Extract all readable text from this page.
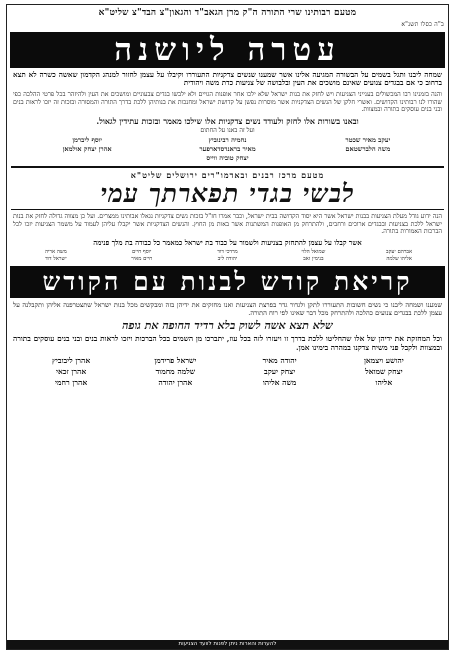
מטעם רבותינו שרי התורה ה"ק מרן הגאב"ד והגאון"צ הבד"צ שליט"א
ב"ה כסלו תשנ"א
עטרה ליושנה
שמחה ליבנו ותגל בשמים על הבשורה המגיעה אלינו אשר שמענו שנשים צדקניות התעוררו וקיבלו על עצמן לחזור למנהג הקדמון שאשה כשרה לא תצא ברחוב כי אם בבגדים צנועים שאינם מושכים את העין ובלבושה של צניעות כדת משה ויהודית
והנה בזמנינו רבו המכשולים בענייני הצניעות ויש לחזק את בנות ישראל שלא ילכו אחר אופנות הגויים ולא ילבשו בגדים צבעוניים ומושכים את העין ולהיזהר בכל פרטי ההלכה כפי שהורו לנו רבותינו הקדושים. ואשרי חלקן של הנשים הצדקניות אשר מוסרות נפשן על קדושת ישראל ומחנכות את בנותיהן ללכת בדרך התורה והמסורה ובזכות זה יזכו לראות בנים ובני בנים עוסקים בתורה ובמצוות.
ובאנו בשורות אלו לחזק ולעודד נשים צדקניות אלו שילכו מאמר ובזכות עתידין לגאול.
ועל זה באנו על החתום
יעקב מאיר שכטר
נחמיה רבינוביץ
יוסף ליברמן
משה הלברשטאם
מאיר בראנדסדארפער
אהרן יצחק אולמאן
יצחק טוביה ווייס
מטעם מרכז רבנים ובאדמו"רים ירושלים שליט"א
לבשי בגדי תפארתך עמי
הנה ידוע גודל מעלת הצניעות בבנות ישראל אשר היא יסוד הקדושה בבית ישראל, וכבר אמרו חז"ל בזכות נשים צדקניות נגאלו אבותינו ממצרים. ועל כן מצווה גדולה לחזק את בנות ישראל ללכת בצניעות ובבגדים ארוכים ורחבים, ולהתרחק מן האופנות המשתנות אשר באות מן החוץ. והנשים הצדקניות אשר יקבלו עליהן לעמוד על משמר הצניעות יזכו לכל הברכות האמורות בתורה.
אשר קבלו על עצמן להתחזק בצניעות ולשמור על כבוד בת ישראל כמאמר כל כבודה בת מלך פנימה
אברהם יעקב
שמואל הלוי
מרדכי דוד
יוסף חיים
משה אריה
אליהו שלמה
בנימין זאב
יהודה ליב
חיים מאיר
ישראל דוד
קריאת קודש לבנות עם הקודש
שמענו ושמחה ליבנו כי נשים חשובות התעוררו לתקן ולגדור גדר בפרצת הצניעות ואנו מחזקים את ידיהן בזה ומבקשים מכל בנות ישראל שתצטרפנה אליהן ותקבלנה על עצמן ללכת בבגדים צנועים כהלכה ולהתרחק מכל דבר שאינו לפי רוח התורה.
שלא תצא אשה לשוק בלא רדיד החופה את גופה
וכל המחזקת את ידיהן של אלו שהחליטו ללכת בדרך זו ויעזרו לזה בכל עוז, יתברכו מן השמים בכל הברכות ויזכו לראות בנים ובני בנים עוסקים בתורה ובמצוות ולקבל פני משיח צדקנו במהרה בימינו אמן.
יהושע ויצמאן
יהודה מאיר
ישראל פרידמן
אהרן ליבוביץ
יצחק שמואל
יצחק יעקב
שלמה מחמוד
אהרן זכאי
אליהו
משה אליהו
אהרן יהודה
אהרן רחמי
להערות והארות ניתן לפנות לוועד הצניעות
